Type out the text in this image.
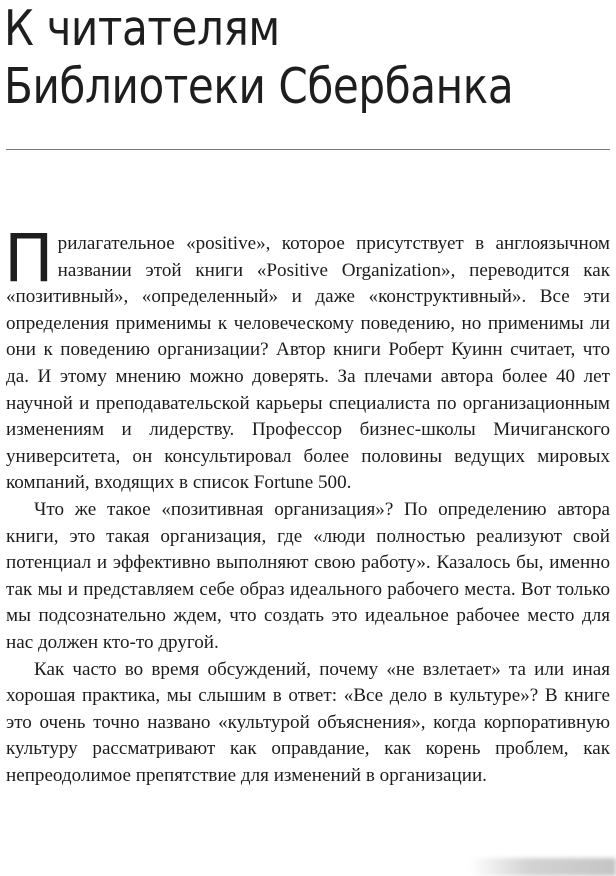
К читателям
Библиотеки Сбербанка

Прилагательное «positive», которое присутствует в англоязычном названии этой книги «Positive Organization», переводится как «позитивный», «определенный» и даже «конструктивный». Все эти определения применимы к человеческому поведению, но применимы ли они к поведению организации? Автор книги Роберт Куинн считает, что да. И этому мнению можно доверять. За плечами автора более 40 лет научной и преподавательской карьеры специалиста по организационным изменениям и лидерству. Профессор бизнес-школы Мичиганского университета, он консультировал более половины ведущих мировых компаний, входящих в список Fortune 500.

Что же такое «позитивная организация»? По определению автора книги, это такая организация, где «люди полностью реализуют свой потенциал и эффективно выполняют свою работу». Казалось бы, именно так мы и представляем себе образ идеального рабочего места. Вот только мы подсознательно ждем, что создать это идеальное рабочее место для нас должен кто-то другой.

Как часто во время обсуждений, почему «не взлетает» та или иная хорошая практика, мы слышим в ответ: «Все дело в культуре»? В книге это очень точно названо «культурой объяснения», когда корпоративную культуру рассматривают как оправдание, как корень проблем, как непреодолимое препятствие для изменений в организации.
